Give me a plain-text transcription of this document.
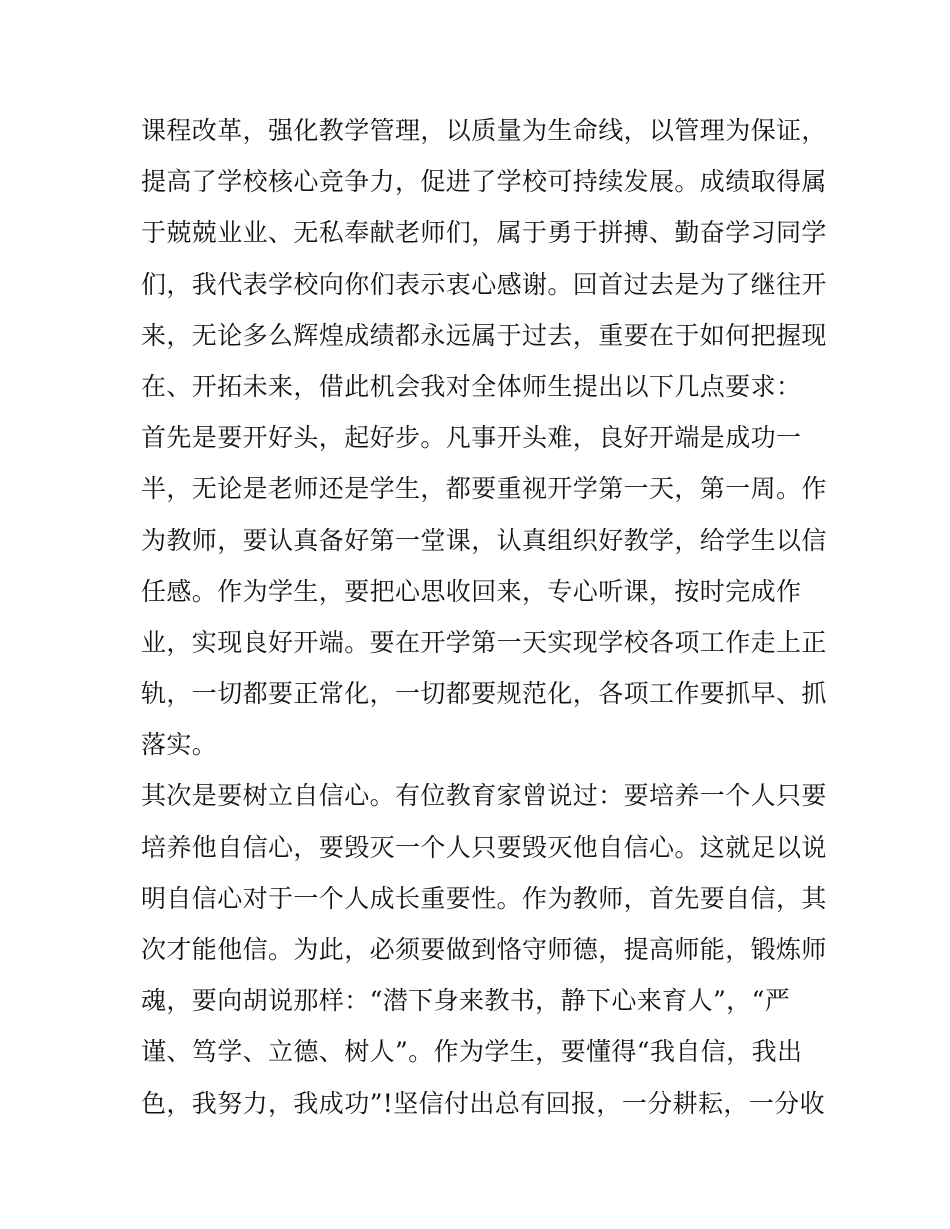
课程改革，强化教学管理，以质量为生命线，以管理为保证，
提高了学校核心竞争力，促进了学校可持续发展。成绩取得属
于兢兢业业、无私奉献老师们，属于勇于拼搏、勤奋学习同学
们，我代表学校向你们表示衷心感谢。回首过去是为了继往开
来，无论多么辉煌成绩都永远属于过去，重要在于如何把握现
在、开拓未来，借此机会我对全体师生提出以下几点要求：
首先是要开好头，起好步。凡事开头难，良好开端是成功一
半，无论是老师还是学生，都要重视开学第一天，第一周。作
为教师，要认真备好第一堂课，认真组织好教学，给学生以信
任感。作为学生，要把心思收回来，专心听课，按时完成作
业，实现良好开端。要在开学第一天实现学校各项工作走上正
轨，一切都要正常化，一切都要规范化，各项工作要抓早、抓
落实。
其次是要树立自信心。有位教育家曾说过：要培养一个人只要
培养他自信心，要毁灭一个人只要毁灭他自信心。这就足以说
明自信心对于一个人成长重要性。作为教师，首先要自信，其
次才能他信。为此，必须要做到恪守师德，提高师能，锻炼师
魂，要向胡说那样：“潜下身来教书，静下心来育人”，“严
谨、笃学、立德、树人”。作为学生，要懂得“我自信，我出
色，我努力，我成功”!坚信付出总有回报，一分耕耘，一分收
